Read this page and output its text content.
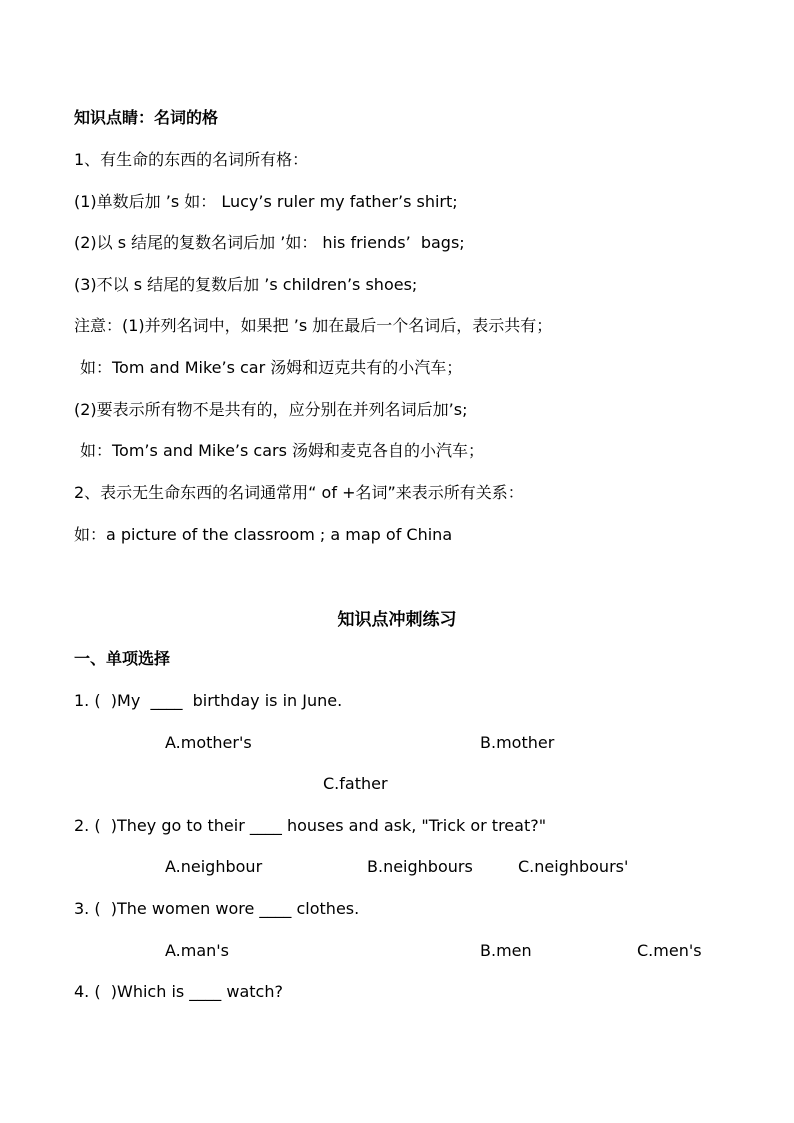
知识点睛：名词的格
1、有生命的东西的名词所有格：
(1)单数后加 ’s 如： Lucy’s ruler my father’s shirt;
(2)以 s 结尾的复数名词后加 ’如： his friends’  bags;
(3)不以 s 结尾的复数后加 ’s children’s shoes;
注意：(1)并列名词中，如果把 ’s 加在最后一个名词后，表示共有；
如：Tom and Mike’s car 汤姆和迈克共有的小汽车；
(2)要表示所有物不是共有的，应分别在并列名词后加’s;
如：Tom’s and Mike’s cars 汤姆和麦克各自的小汽车；
2、表示无生命东西的名词通常用“ of +名词”来表示所有关系：
如：a picture of the classroom ; a map of China
知识点冲刺练习
一、单项选择
1. (  )My  ____  birthday is in June.
A.mother's	B.mother
C.father
2. (  )They go to their ____ houses and ask, "Trick or treat?"
A.neighbour	B.neighbours	C.neighbours'
3. (  )The women wore ____ clothes.
A.man's	B.men	C.men's
4. (  )Which is ____ watch?
